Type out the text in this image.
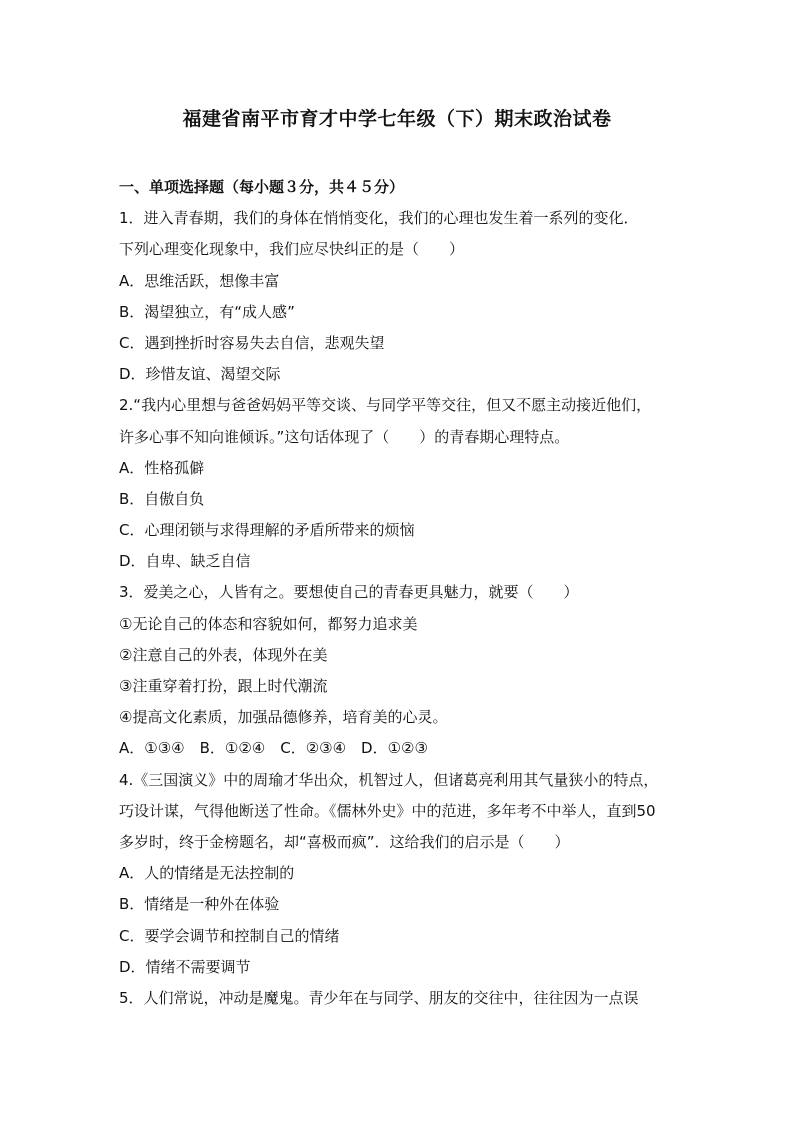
福建省南平市育才中学七年级（下）期末政治试卷
一、单项选择题（每小题３分，共４５分）
1．进入青春期，我们的身体在悄悄变化，我们的心理也发生着一系列的变化．
下列心理变化现象中，我们应尽快纠正的是（　　）
A．思维活跃，想像丰富
B．渴望独立，有“成人感”
C．遇到挫折时容易失去自信，悲观失望
D．珍惜友谊、渴望交际
2.“我内心里想与爸爸妈妈平等交谈、与同学平等交往，但又不愿主动接近他们，
许多心事不知向谁倾诉。”这句话体现了（　　）的青春期心理特点。
A．性格孤僻
B．自傲自负
C．心理闭锁与求得理解的矛盾所带来的烦恼
D．自卑、缺乏自信
3．爱美之心，人皆有之。要想使自己的青春更具魅力，就要（　　）
①无论自己的体态和容貌如何，都努力追求美
②注意自己的外表，体现外在美
③注重穿着打扮，跟上时代潮流
④提高文化素质，加强品德修养，培育美的心灵。
A．①③④　B．①②④　C．②③④　D．①②③
4.《三国演义》中的周瑜才华出众，机智过人，但诸葛亮利用其气量狭小的特点，
巧设计谋，气得他断送了性命。《儒林外史》中的范进，多年考不中举人，直到50
多岁时，终于金榜题名，却“喜极而疯”．这给我们的启示是（　　）
A．人的情绪是无法控制的
B．情绪是一种外在体验
C．要学会调节和控制自己的情绪
D．情绪不需要调节
5．人们常说，冲动是魔鬼。青少年在与同学、朋友的交往中，往往因为一点误
